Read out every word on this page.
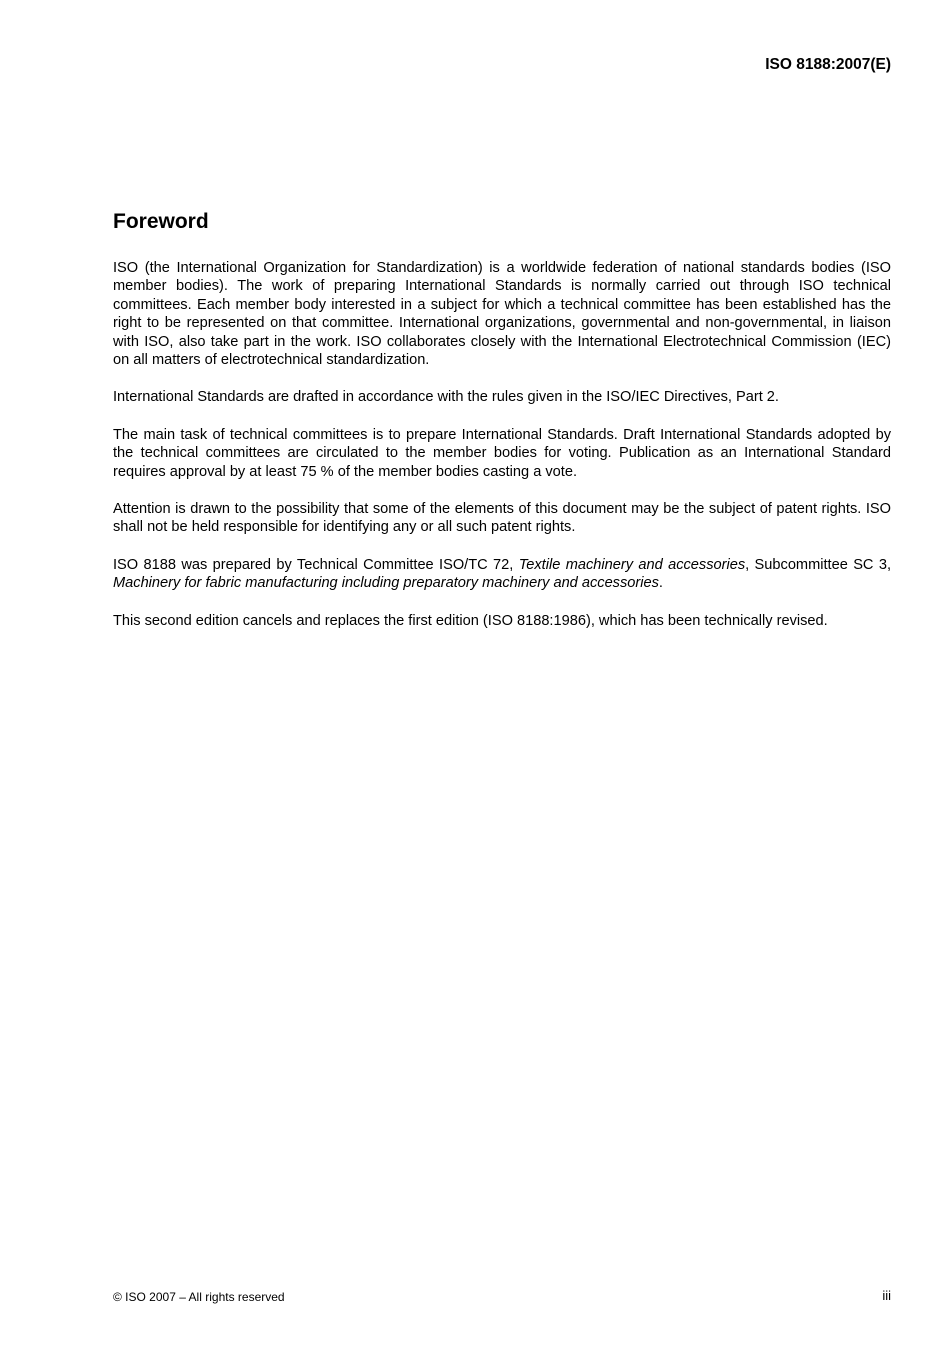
ISO 8188:2007(E)
Foreword

ISO (the International Organization for Standardization) is a worldwide federation of national standards bodies (ISO member bodies). The work of preparing International Standards is normally carried out through ISO technical committees. Each member body interested in a subject for which a technical committee has been established has the right to be represented on that committee. International organizations, governmental and non-governmental, in liaison with ISO, also take part in the work. ISO collaborates closely with the International Electrotechnical Commission (IEC) on all matters of electrotechnical standardization.

International Standards are drafted in accordance with the rules given in the ISO/IEC Directives, Part 2.

The main task of technical committees is to prepare International Standards. Draft International Standards adopted by the technical committees are circulated to the member bodies for voting. Publication as an International Standard requires approval by at least 75 % of the member bodies casting a vote.

Attention is drawn to the possibility that some of the elements of this document may be the subject of patent rights. ISO shall not be held responsible for identifying any or all such patent rights.

ISO 8188 was prepared by Technical Committee ISO/TC 72, Textile machinery and accessories, Subcommittee SC 3, Machinery for fabric manufacturing including preparatory machinery and accessories.

This second edition cancels and replaces the first edition (ISO 8188:1986), which has been technically revised.

© ISO 2007 – All rights reserved	iii
